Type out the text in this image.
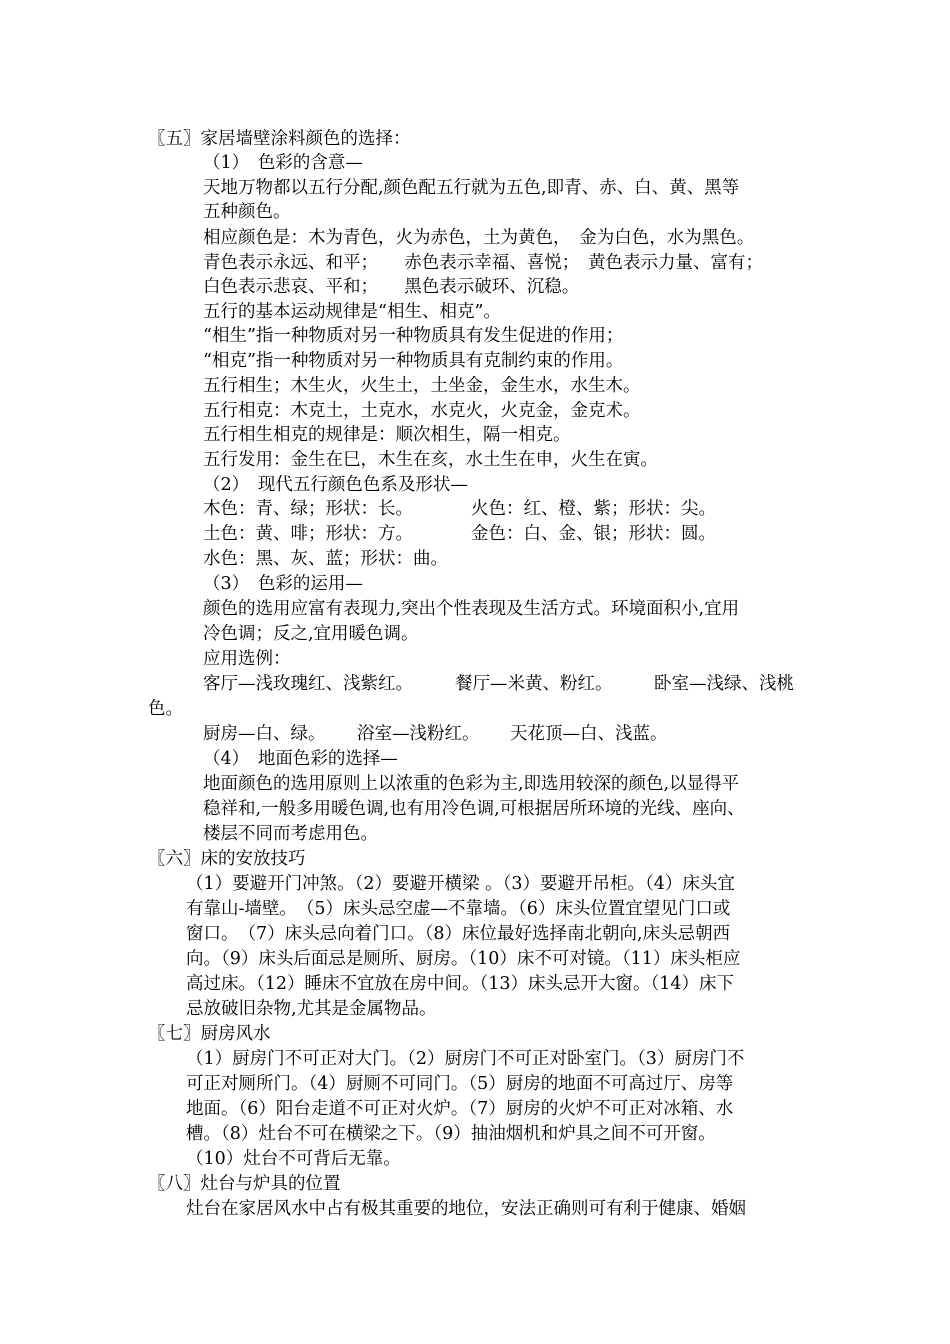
〖五〗家居墙壁涂料颜色的选择：
（1）　色彩的含意—
天地万物都以五行分配,颜色配五行就为五色,即青、赤、白、黄、黑等
五种颜色。
相应颜色是：木为青色，火为赤色，土为黄色，　金为白色，水为黑色。
青色表示永远、和平；　　赤色表示幸福、喜悦；　黄色表示力量、富有；
白色表示悲哀、平和；　　黑色表示破环、沉稳。
五行的基本运动规律是“相生、相克”。
“相生”指一种物质对另一种物质具有发生促进的作用；
“相克”指一种物质对另一种物质具有克制约束的作用。
五行相生；木生火，火生土，土坐金，金生水，水生木。
五行相克：木克土，土克水，水克火，火克金，金克术。
五行相生相克的规律是：顺次相生，隔一相克。
五行发用：金生在巳，木生在亥，水土生在申，火生在寅。
（2）　现代五行颜色色系及形状—
木色：青、绿；形状：长。	火色：红、橙、紫；形状：尖。
土色：黄、啡；形状：方。	金色：白、金、银；形状：圆。
水色：黑、灰、蓝；形状：曲。
（3）　色彩的运用—
颜色的选用应富有表现力,突出个性表现及生活方式。环境面积小,宜用
冷色调；反之,宜用暖色调。
应用选例：
客厅—浅玫瑰红、浅紫红。 餐厅—米黄、粉红。 卧室—浅绿、浅桃
色。
厨房—白、绿。 浴室—浅粉红。 天花顶—白、浅蓝。
（4）　地面色彩的选择—
地面颜色的选用原则上以浓重的色彩为主,即选用较深的颜色,以显得平
稳祥和,一般多用暖色调,也有用冷色调,可根据居所环境的光线、座向、
楼层不同而考虑用色。
〖六〗床的安放技巧
（1）要避开门冲煞。（2）要避开横梁 。（3）要避开吊柜。（4）床头宜
有靠山-墙壁。　（5）床头忌空虚—不靠墙。（6）床头位置宜望见门口或
窗口。　（7）床头忌向着门口。（8）床位最好选择南北朝向,床头忌朝西
向。（9）床头后面忌是厕所、厨房。（10）床不可对镜。（11）床头柜应
高过床。（12）睡床不宜放在房中间。（13）床头忌开大窗。（14）床下
忌放破旧杂物,尤其是金属物品。
〖七〗厨房风水
（1）厨房门不可正对大门。（2）厨房门不可正对卧室门。（3）厨房门不
可正对厕所门。（4）厨厕不可同门。（5）厨房的地面不可高过厅、房等
地面。（6）阳台走道不可正对火炉。（7）厨房的火炉不可正对冰箱、水
槽。（8）灶台不可在横梁之下。（9）抽油烟机和炉具之间不可开窗。
（10）灶台不可背后无靠。
〖八〗灶台与炉具的位置
灶台在家居风水中占有极其重要的地位，安法正确则可有利于健康、婚姻
